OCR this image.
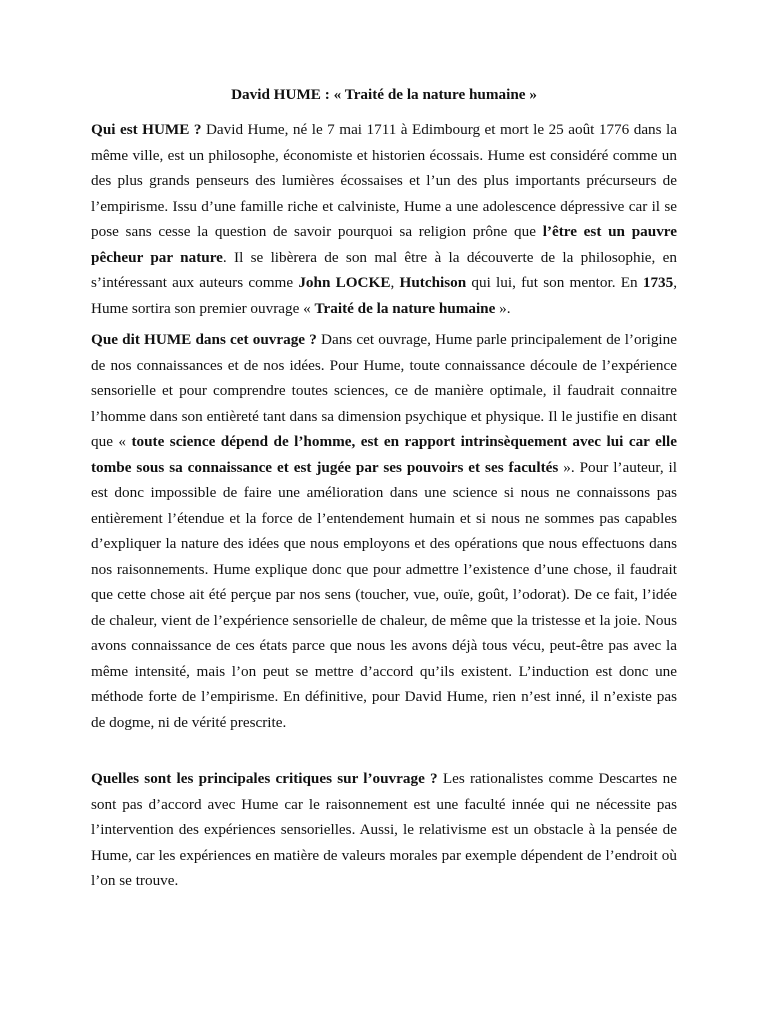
David HUME : « Traité de la nature humaine »

Qui est HUME ? David Hume, né le 7 mai 1711 à Edimbourg et mort le 25 août 1776 dans la même ville, est un philosophe, économiste et historien écossais. Hume est considéré comme un des plus grands penseurs des lumières écossaises et l’un des plus importants précurseurs de l’empirisme. Issu d’une famille riche et calviniste, Hume a une adolescence dépressive car il se pose sans cesse la question de savoir pourquoi sa religion prône que l’être est un pauvre pêcheur par nature. Il se libèrera de son mal être à la découverte de la philosophie, en s’intéressant aux auteurs comme John LOCKE, Hutchison qui lui, fut son mentor. En 1735, Hume sortira son premier ouvrage « Traité de la nature humaine ».

Que dit HUME dans cet ouvrage ? Dans cet ouvrage, Hume parle principalement de l’origine de nos connaissances et de nos idées. Pour Hume, toute connaissance découle de l’expérience sensorielle et pour comprendre toutes sciences, ce de manière optimale, il faudrait connaitre l’homme dans son entièreté tant dans sa dimension psychique et physique. Il le justifie en disant que « toute science dépend de l’homme, est en rapport intrinsèquement avec lui car elle tombe sous sa connaissance et est jugée par ses pouvoirs et ses facultés ». Pour l’auteur, il est donc impossible de faire une amélioration dans une science si nous ne connaissons pas entièrement l’étendue et la force de l’entendement humain et si nous ne sommes pas capables d’expliquer la nature des idées que nous employons et des opérations que nous effectuons dans nos raisonnements. Hume explique donc que pour admettre l’existence d’une chose, il faudrait que cette chose ait été perçue par nos sens (toucher, vue, ouïe, goût, l’odorat). De ce fait, l’idée de chaleur, vient de l’expérience sensorielle de chaleur, de même que la tristesse et la joie. Nous avons connaissance de ces états parce que nous les avons déjà tous vécu, peut-être pas avec la même intensité, mais l’on peut se mettre d’accord qu’ils existent. L’induction est donc une méthode forte de l’empirisme. En définitive, pour David Hume, rien n’est inné, il n’existe pas de dogme, ni de vérité prescrite.

Quelles sont les principales critiques sur l’ouvrage ? Les rationalistes comme Descartes ne sont pas d’accord avec Hume car le raisonnement est une faculté innée qui ne nécessite pas l’intervention des expériences sensorielles. Aussi, le relativisme est un obstacle à la pensée de Hume, car les expériences en matière de valeurs morales par exemple dépendent de l’endroit où l’on se trouve.
